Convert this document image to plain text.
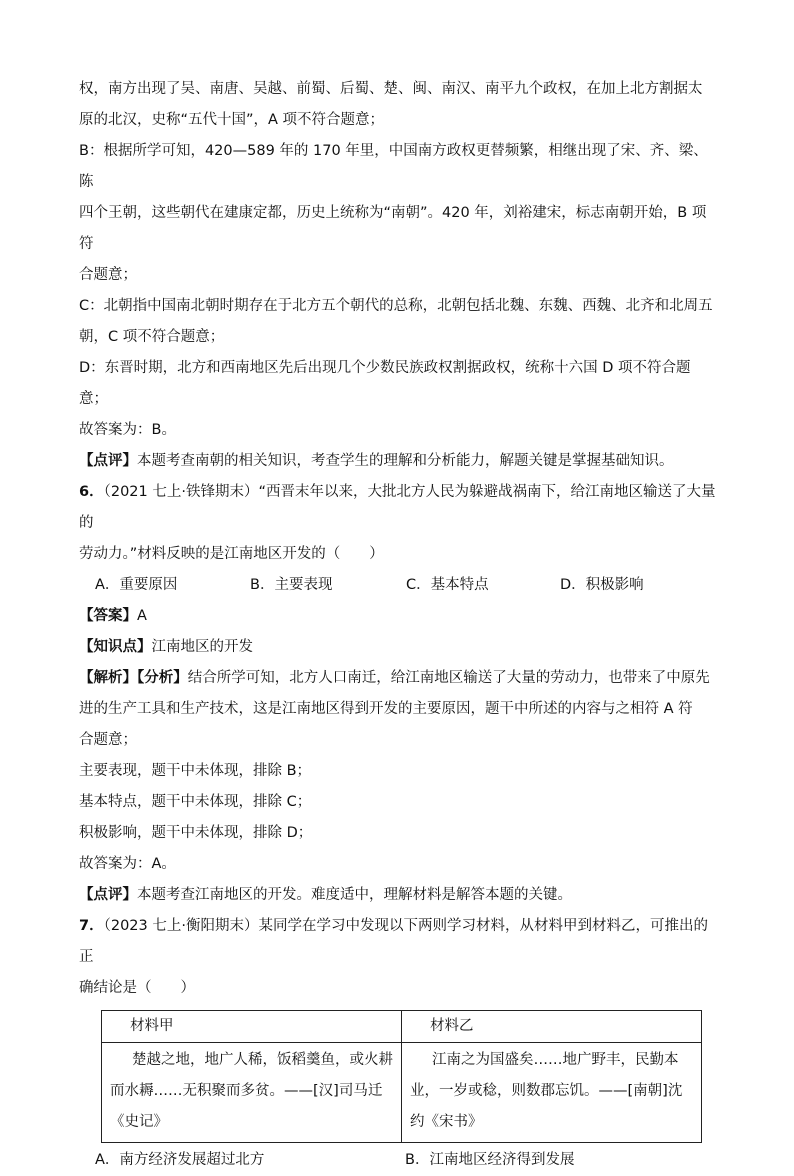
权，南方出现了吴、南唐、吴越、前蜀、后蜀、楚、闽、南汉、南平九个政权，在加上北方割据太

原的北汉，史称“五代十国”，A 项不符合题意；

B：根据所学可知，420—589 年的 170 年里，中国南方政权更替频繁，相继出现了宋、齐、梁、陈

四个王朝，这些朝代在建康定都，历史上统称为“南朝”。420 年，刘裕建宋，标志南朝开始，B 项符

合题意；

C：北朝指中国南北朝时期存在于北方五个朝代的总称，北朝包括北魏、东魏、西魏、北齐和北周五

朝，C 项不符合题意；

D：东晋时期，北方和西南地区先后出现几个少数民族政权割据政权，统称十六国 D 项不符合题

意；

故答案为：B。

【点评】本题考查南朝的相关知识，考查学生的理解和分析能力，解题关键是掌握基础知识。

6．（2021 七上·铁锋期末）“西晋末年以来，大批北方人民为躲避战祸南下，给江南地区输送了大量的

劳动力。”材料反映的是江南地区开发的（　　）

A．重要原因	B．主要表现	C．基本特点	D．积极影响

【答案】A

【知识点】江南地区的开发

【解析】【分析】结合所学可知，北方人口南迁，给江南地区输送了大量的劳动力，也带来了中原先

进的生产工具和生产技术，这是江南地区得到开发的主要原因，题干中所述的内容与之相符 A 符

合题意；

主要表现，题干中未体现，排除 B；

基本特点，题干中未体现，排除 C；

积极影响，题干中未体现，排除 D；

故答案为：A。

【点评】本题考查江南地区的开发。难度适中，理解材料是解答本题的关键。

7．（2023 七上·衡阳期末）某同学在学习中发现以下两则学习材料，从材料甲到材料乙，可推出的正

确结论是（　　）

材料甲	材料乙
楚越之地，地广人稀，饭稻羹鱼，或火耕而水耨……无积聚而多贫。——[汉]司马迁《史记》	江南之为国盛矣……地广野丰，民勤本业，一岁或稔，则数郡忘饥。——[南朝]沈约《宋书》
A．南方经济发展超过北方	B．江南地区经济得到发展
